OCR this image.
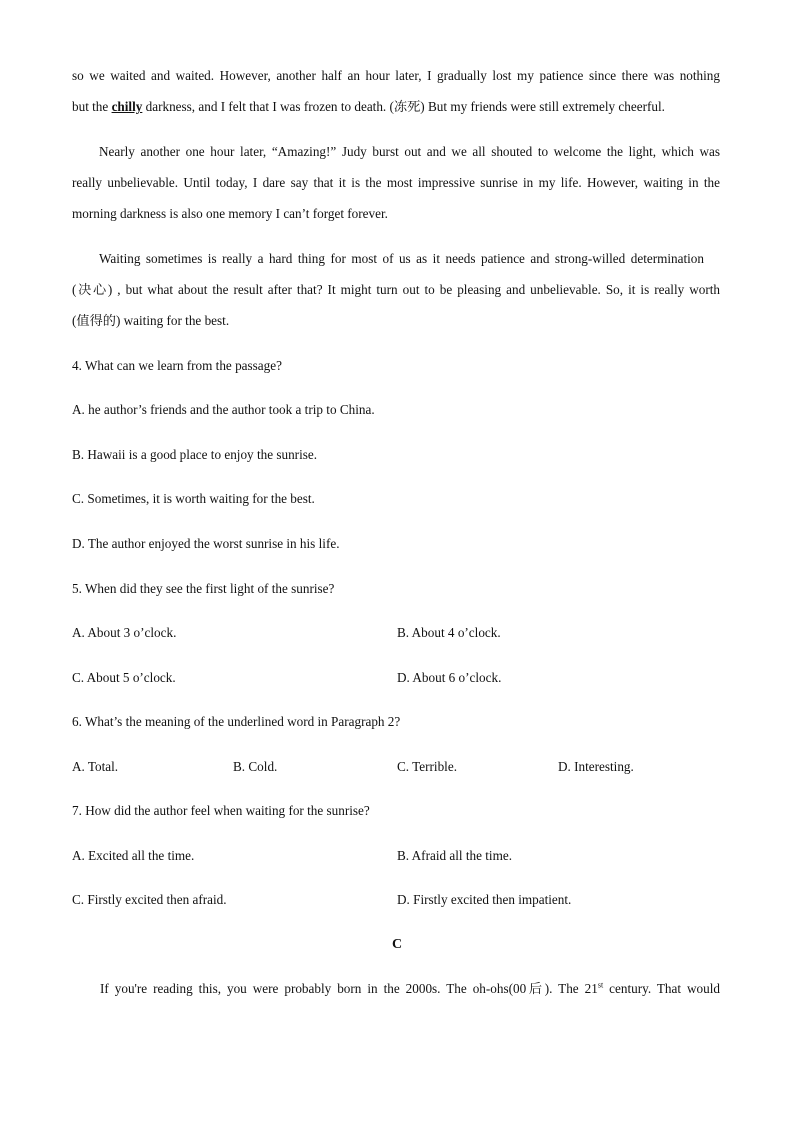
so we waited and waited. However, another half an hour later, I gradually lost my patience since there was nothing
but the chilly darkness, and I felt that I was frozen to death. (冻死) But my friends were still extremely cheerful.
Nearly another one hour later, “Amazing!” Judy burst out and we all shouted to welcome the light, which was
really unbelievable. Until today, I dare say that it is the most impressive sunrise in my life. However, waiting in the
morning darkness is also one memory I can’t forget forever.
Waiting sometimes is really a hard thing for most of us as it needs patience and strong-willed determination
(决心) , but what about the result after that? It might turn out to be pleasing and unbelievable. So, it is really worth
(值得的) waiting for the best.
4. What can we learn from the passage?
A. he author’s friends and the author took a trip to China.
B. Hawaii is a good place to enjoy the sunrise.
C. Sometimes, it is worth waiting for the best.
D. The author enjoyed the worst sunrise in his life.
5. When did they see the first light of the sunrise?
A. About 3 o’clock.	B. About 4 o’clock.
C. About 5 o’clock.	D. About 6 o’clock.
6. What’s the meaning of the underlined word in Paragraph 2?
A. Total.	B. Cold.	C. Terrible.	D. Interesting.
7. How did the author feel when waiting for the sunrise?
A. Excited all the time.	B. Afraid all the time.
C. Firstly excited then afraid.	D. Firstly excited then impatient.
C
If you're reading this, you were probably born in the 2000s. The oh-ohs(00后). The 21st century. That would
